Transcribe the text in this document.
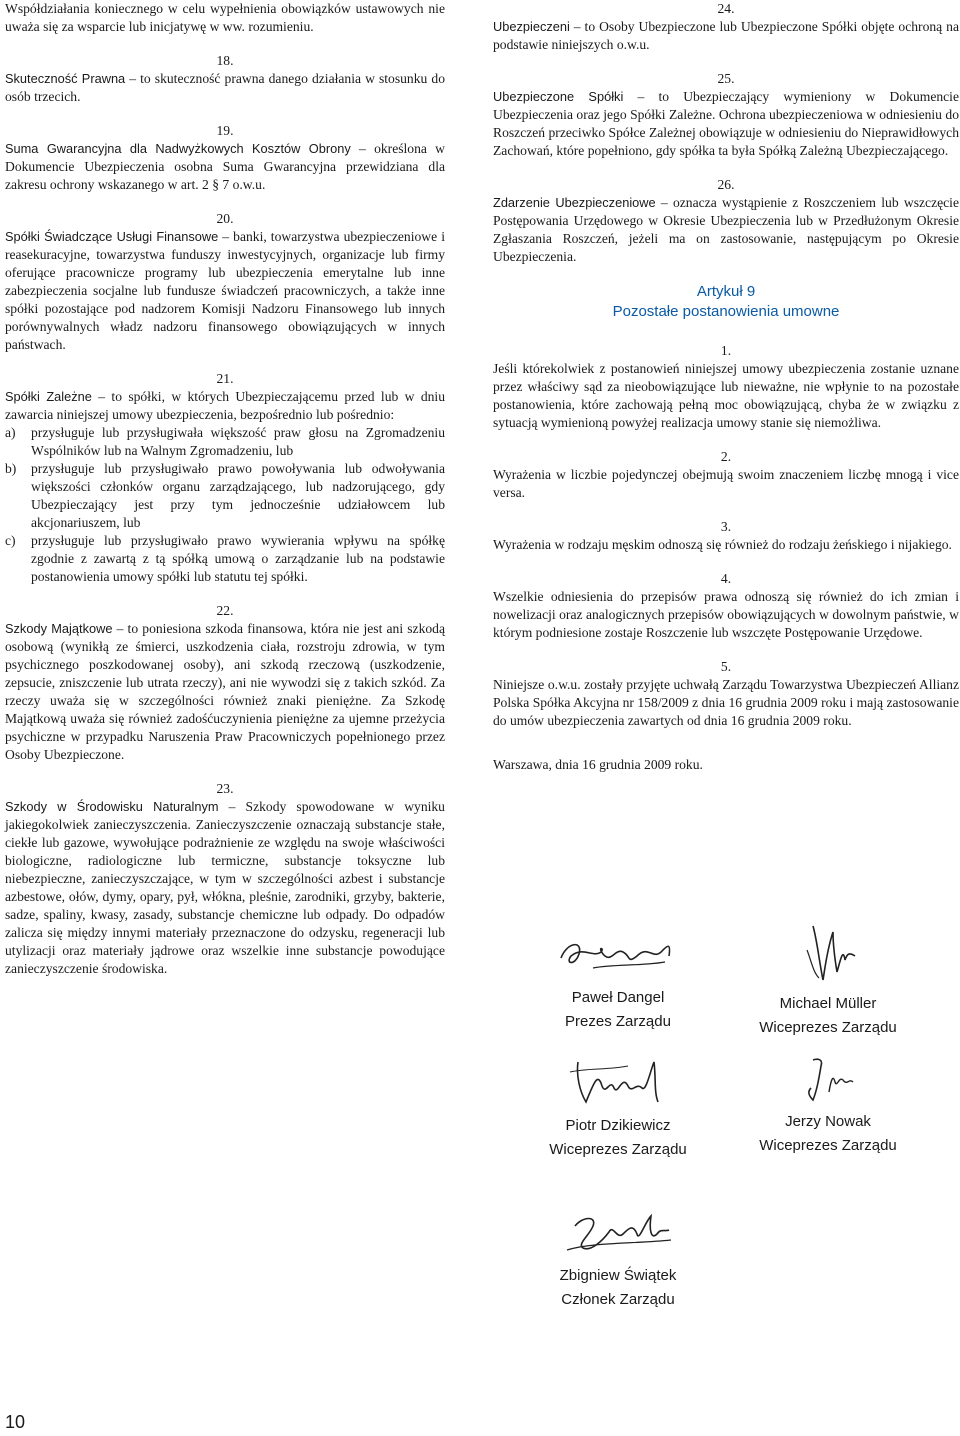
Współdziałania koniecznego w celu wypełnienia obowiązków ustawowych nie uważa się za wsparcie lub inicjatywę w ww. rozumieniu.

18.

Skuteczność Prawna – to skuteczność prawna danego działania w stosunku do osób trzecich.

19.

Suma Gwarancyjna dla Nadwyżkowych Kosztów Obrony – określona w Dokumencie Ubezpieczenia osobna Suma Gwarancyjna przewidziana dla zakresu ochrony wskazanego w art. 2 § 7 o.w.u.

20.

Spółki Świadczące Usługi Finansowe – banki, towarzystwa ubezpieczeniowe i reasekuracyjne, towarzystwa funduszy inwestycyjnych, organizacje lub firmy oferujące pracownicze programy lub ubezpieczenia emerytalne lub inne zabezpieczenia socjalne lub fundusze świadczeń pracowniczych, a także inne spółki pozostające pod nadzorem Komisji Nadzoru Finansowego lub innych porównywalnych władz nadzoru finansowego obowiązujących w innych państwach.

21.

Spółki Zależne – to spółki, w których Ubezpieczającemu przed lub w dniu zawarcia niniejszej umowy ubezpieczenia, bezpośrednio lub pośrednio:

a)	przysługuje lub przysługiwała większość praw głosu na Zgromadzeniu Wspólników lub na Walnym Zgromadzeniu, lub
b)	przysługuje lub przysługiwało prawo powoływania lub odwoływania większości członków organu zarządzającego, lub nadzorującego, gdy Ubezpieczający jest przy tym jednocześnie udziałowcem lub akcjonariuszem, lub
c)	przysługuje lub przysługiwało prawo wywierania wpływu na spółkę zgodnie z zawartą z tą spółką umową o zarządzanie lub na podstawie postanowienia umowy spółki lub statutu tej spółki.

22.

Szkody Majątkowe – to poniesiona szkoda finansowa, która nie jest ani szkodą osobową (wynikłą ze śmierci, uszkodzenia ciała, rozstroju zdrowia, w tym psychicznego poszkodowanej osoby), ani szkodą rzeczową (uszkodzenie, zepsucie, zniszczenie lub utrata rzeczy), ani nie wywodzi się z takich szkód. Za rzeczy uważa się w szczególności również znaki pieniężne. Za Szkodę Majątkową uważa się również zadośćuczynienia pieniężne za ujemne przeżycia psychiczne w przypadku Naruszenia Praw Pracowniczych popełnionego przez Osoby Ubezpieczone.

23.

Szkody w Środowisku Naturalnym – Szkody spowodowane w wyniku jakiegokolwiek zanieczyszczenia. Zanieczyszczenie oznaczają substancje stałe, ciekłe lub gazowe, wywołujące podrażnienie ze względu na swoje właściwości biologiczne, radiologiczne lub termiczne, substancje toksyczne lub niebezpieczne, zanieczyszczające, w tym w szczególności azbest i substancje azbestowe, ołów, dymy, opary, pył, włókna, pleśnie, zarodniki, grzyby, bakterie, sadze, spaliny, kwasy, zasady, substancje chemiczne lub odpady. Do odpadów zalicza się między innymi materiały przeznaczone do odzysku, regeneracji lub utylizacji oraz materiały jądrowe oraz wszelkie inne substancje powodujące zanieczyszczenie środowiska.

24.

Ubezpieczeni – to Osoby Ubezpieczone lub Ubezpieczone Spółki objęte ochroną na podstawie niniejszych o.w.u.

25.

Ubezpieczone Spółki – to Ubezpieczający wymieniony w Dokumencie Ubezpieczenia oraz jego Spółki Zależne. Ochrona ubezpieczeniowa w odniesieniu do Roszczeń przeciwko Spółce Zależnej obowiązuje w odniesieniu do Nieprawidłowych Zachowań, które popełniono, gdy spółka ta była Spółką Zależną Ubezpieczającego.

26.

Zdarzenie Ubezpieczeniowe – oznacza wystąpienie z Roszczeniem lub wszczęcie Postępowania Urzędowego w Okresie Ubezpieczenia lub w Przedłużonym Okresie Zgłaszania Roszczeń, jeżeli ma on zastosowanie, następującym po Okresie Ubezpieczenia.

Artykuł 9
Pozostałe postanowienia umowne

1.

Jeśli którekolwiek z postanowień niniejszej umowy ubezpieczenia zostanie uznane przez właściwy sąd za nieobowiązujące lub nieważne, nie wpłynie to na pozostałe postanowienia, które zachowają pełną moc obowiązującą, chyba że w związku z sytuacją wymienioną powyżej realizacja umowy stanie się niemożliwa.

2.

Wyrażenia w liczbie pojedynczej obejmują swoim znaczeniem liczbę mnogą i vice versa.

3.

Wyrażenia w rodzaju męskim odnoszą się również do rodzaju żeńskiego i nijakiego.

4.

Wszelkie odniesienia do przepisów prawa odnoszą się również do ich zmian i nowelizacji oraz analogicznych przepisów obowiązujących w dowolnym państwie, w którym podniesione zostaje Roszczenie lub wszczęte Postępowanie Urzędowe.

5.

Niniejsze o.w.u. zostały przyjęte uchwałą Zarządu Towarzystwa Ubezpieczeń Allianz Polska Spółka Akcyjna nr 158/2009 z dnia 16 grudnia 2009 roku i mają zastosowanie do umów ubezpieczenia zawartych od dnia 16 grudnia 2009 roku.

Warszawa, dnia 16 grudnia 2009 roku.

Paweł Dangel
Prezes Zarządu
Michael Müller
Wiceprezes Zarządu
Piotr Dzikiewicz
Wiceprezes Zarządu
Jerzy Nowak
Wiceprezes Zarządu
Zbigniew Świątek
Członek Zarządu
10
